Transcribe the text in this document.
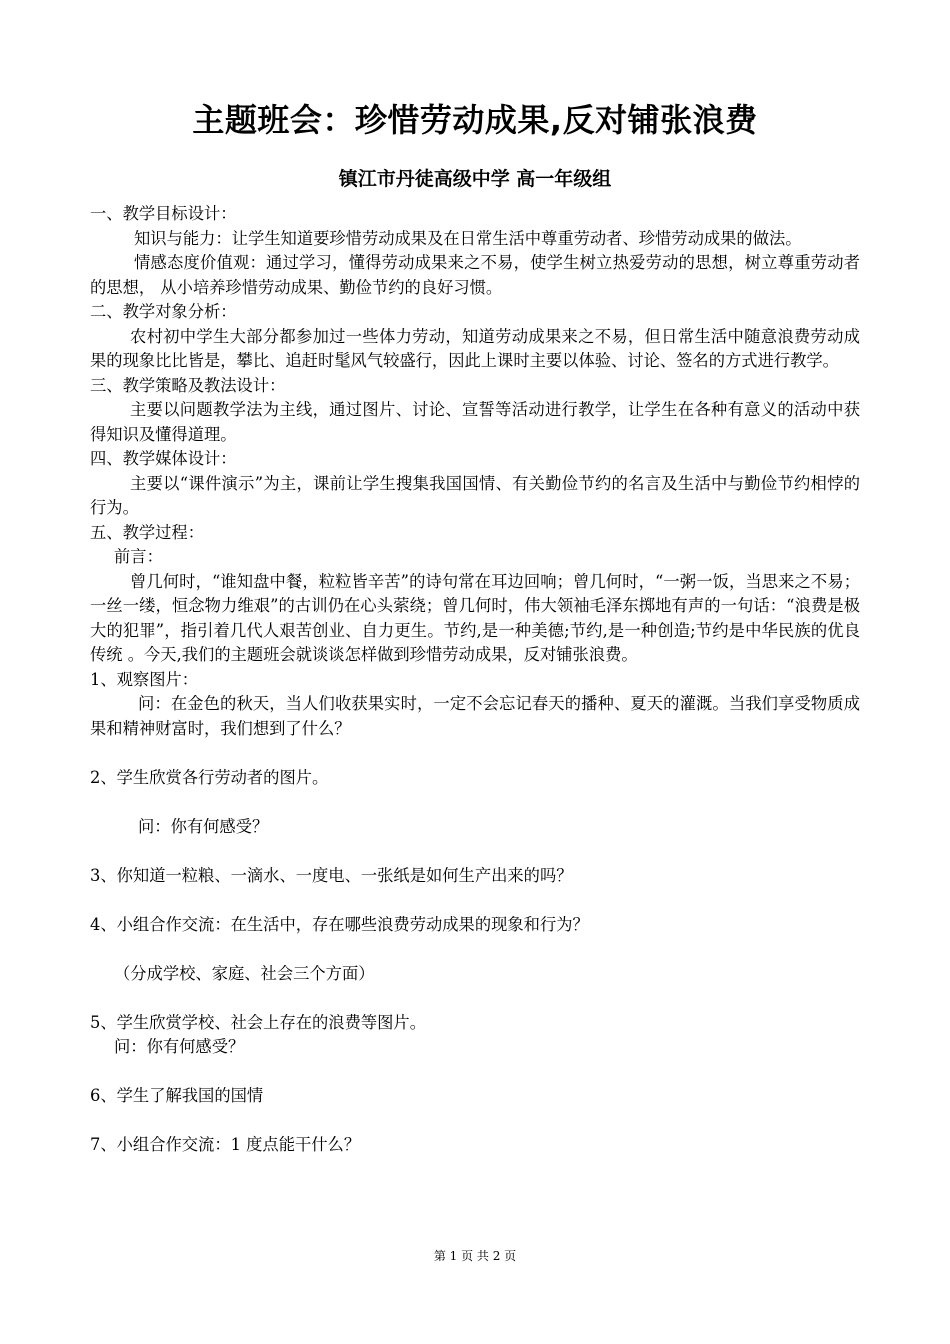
主题班会：珍惜劳动成果,反对铺张浪费
镇江市丹徒高级中学 高一年级组

一、教学目标设计：

知识与能力：让学生知道要珍惜劳动成果及在日常生活中尊重劳动者、珍惜劳动成果的做法。

情感态度价值观：通过学习，懂得劳动成果来之不易，使学生树立热爱劳动的思想，树立尊重劳动者的思想， 从小培养珍惜劳动成果、勤俭节约的良好习惯。

二、教学对象分析：

农村初中学生大部分都参加过一些体力劳动，知道劳动成果来之不易，但日常生活中随意浪费劳动成果的现象比比皆是，攀比、追赶时髦风气较盛行，因此上课时主要以体验、讨论、签名的方式进行教学。

三、教学策略及教法设计：

主要以问题教学法为主线，通过图片、讨论、宣誓等活动进行教学，让学生在各种有意义的活动中获得知识及懂得道理。

四、教学媒体设计：

主要以“课件演示”为主，课前让学生搜集我国国情、有关勤俭节约的名言及生活中与勤俭节约相悖的行为。

五、教学过程：

前言：

曾几何时，“谁知盘中餐，粒粒皆辛苦”的诗句常在耳边回响；曾几何时，“一粥一饭，当思来之不易；一丝一缕，恒念物力维艰”的古训仍在心头萦绕；曾几何时，伟大领袖毛泽东掷地有声的一句话：“浪费是极大的犯罪”，指引着几代人艰苦创业、自力更生。节约,是一种美德;节约,是一种创造;节约是中华民族的优良传统 。今天,我们的主题班会就谈谈怎样做到珍惜劳动成果，反对铺张浪费。

1、观察图片：

问：在金色的秋天，当人们收获果实时，一定不会忘记春天的播种、夏天的灌溉。当我们享受物质成果和精神财富时，我们想到了什么？

2、学生欣赏各行劳动者的图片。

问：你有何感受？

3、你知道一粒粮、一滴水、一度电、一张纸是如何生产出来的吗？

4、小组合作交流：在生活中，存在哪些浪费劳动成果的现象和行为？

（分成学校、家庭、社会三个方面）

5、学生欣赏学校、社会上存在的浪费等图片。

问：你有何感受？

6、学生了解我国的国情

7、小组合作交流：1 度点能干什么？

第 1 页 共 2 页
